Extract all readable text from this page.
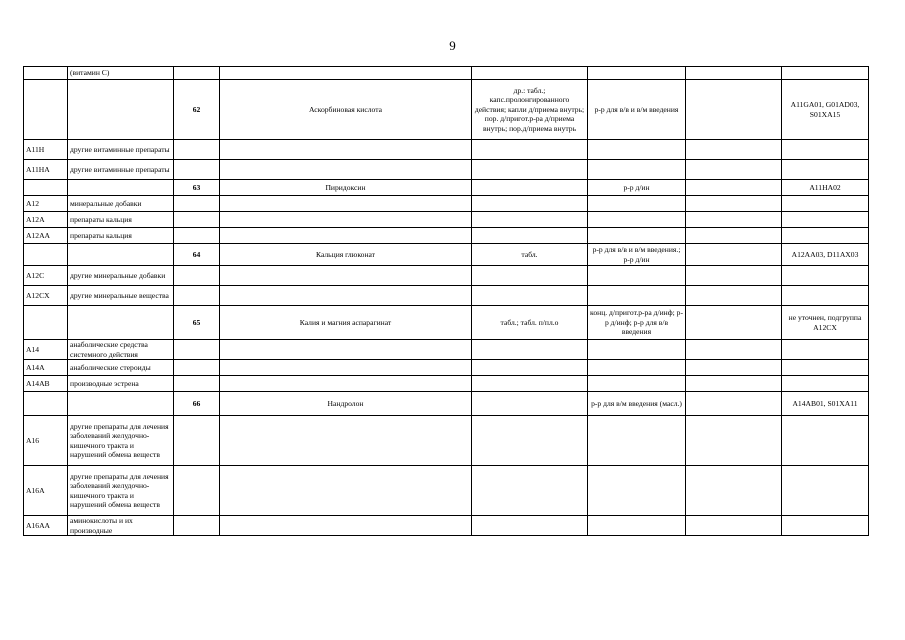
9
	(витамин С)						
		62	Аскорбиновая кислота	др.: табл.; капс.пролонгированного действия; капли д/приема внутрь; пор. д/пригот.р-ра д/приема внутрь; пор.д/приема внутрь	р-р для в/в и в/м введения		A11GA01, G01AD03, S01XA15
A11H	другие витаминные препараты						
A11HA	другие витаминные препараты						
		63	Пиридоксин		р-р д/ин		A11HA02
A12	минеральные добавки						
A12A	препараты кальция						
A12AA	препараты кальция						
		64	Кальция глюконат	табл.	р-р для в/в и в/м введения.; р-р д/ин		A12AA03, D11AX03
A12C	другие минеральные добавки						
A12CX	другие минеральные вещества						
		65	Калия и магния аспарагинат	табл.; табл. п/пл.о	конц. д/пригот.р-ра д/инф; р-р д/инф; р-р для в/в введения		не уточнен, подгруппа A12CX
A14	анаболические средства системного действия						
A14A	анаболические стероиды						
A14AB	производные эстрена						
		66	Нандролон		р-р для в/м введения (масл.)		A14AB01, S01XA11
A16	другие препараты для лечения заболеваний желудочно-кишечного тракта и нарушений обмена веществ						
A16A	другие препараты для лечения заболеваний желудочно-кишечного тракта и нарушений обмена веществ						
A16AA	аминокислоты и их производные						
